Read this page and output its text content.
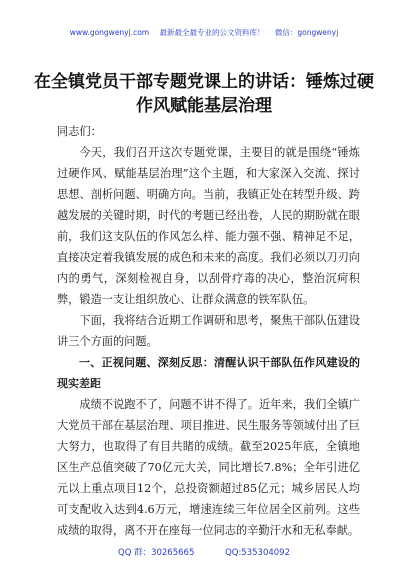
www.gongwenyj.com 最新最全最专业的公文资料库！ 微信：gongwenyj
在全镇党员干部专题党课上的讲话：锤炼过硬作风赋能基层治理

同志们：

今天，我们召开这次专题党课，主要目的就是围绕“锤炼过硬作风、赋能基层治理”这个主题，和大家深入交流、探讨思想、剖析问题、明确方向。当前，我镇正处在转型升级、跨越发展的关键时期，时代的考题已经出卷，人民的期盼就在眼前，我们这支队伍的作风怎么样、能力强不强、精神足不足，直接决定着我镇发展的成色和未来的高度。我们必须以刀刃向内的勇气，深刻检视自身，以刮骨疗毒的决心，整治沉疴积弊，锻造一支让组织放心、让群众满意的铁军队伍。

下面，我将结合近期工作调研和思考，聚焦干部队伍建设讲三个方面的问题。

一、正视问题、深刻反思：清醒认识干部队伍作风建设的现实差距

成绩不说跑不了，问题不讲不得了。近年来，我们全镇广大党员干部在基层治理、项目推进、民生服务等领域付出了巨大努力，也取得了有目共睹的成绩。截至2025年底，全镇地区生产总值突破了70亿元大关，同比增长7.8%；全年引进亿元以上重点项目12个，总投资额超过85亿元；城乡居民人均可支配收入达到4.6万元，增速连续三年位居全区前列。这些成绩的取得，离不开在座每一位同志的辛勤汗水和无私奉献。

QQ 群：30265665	QQ:535304092
